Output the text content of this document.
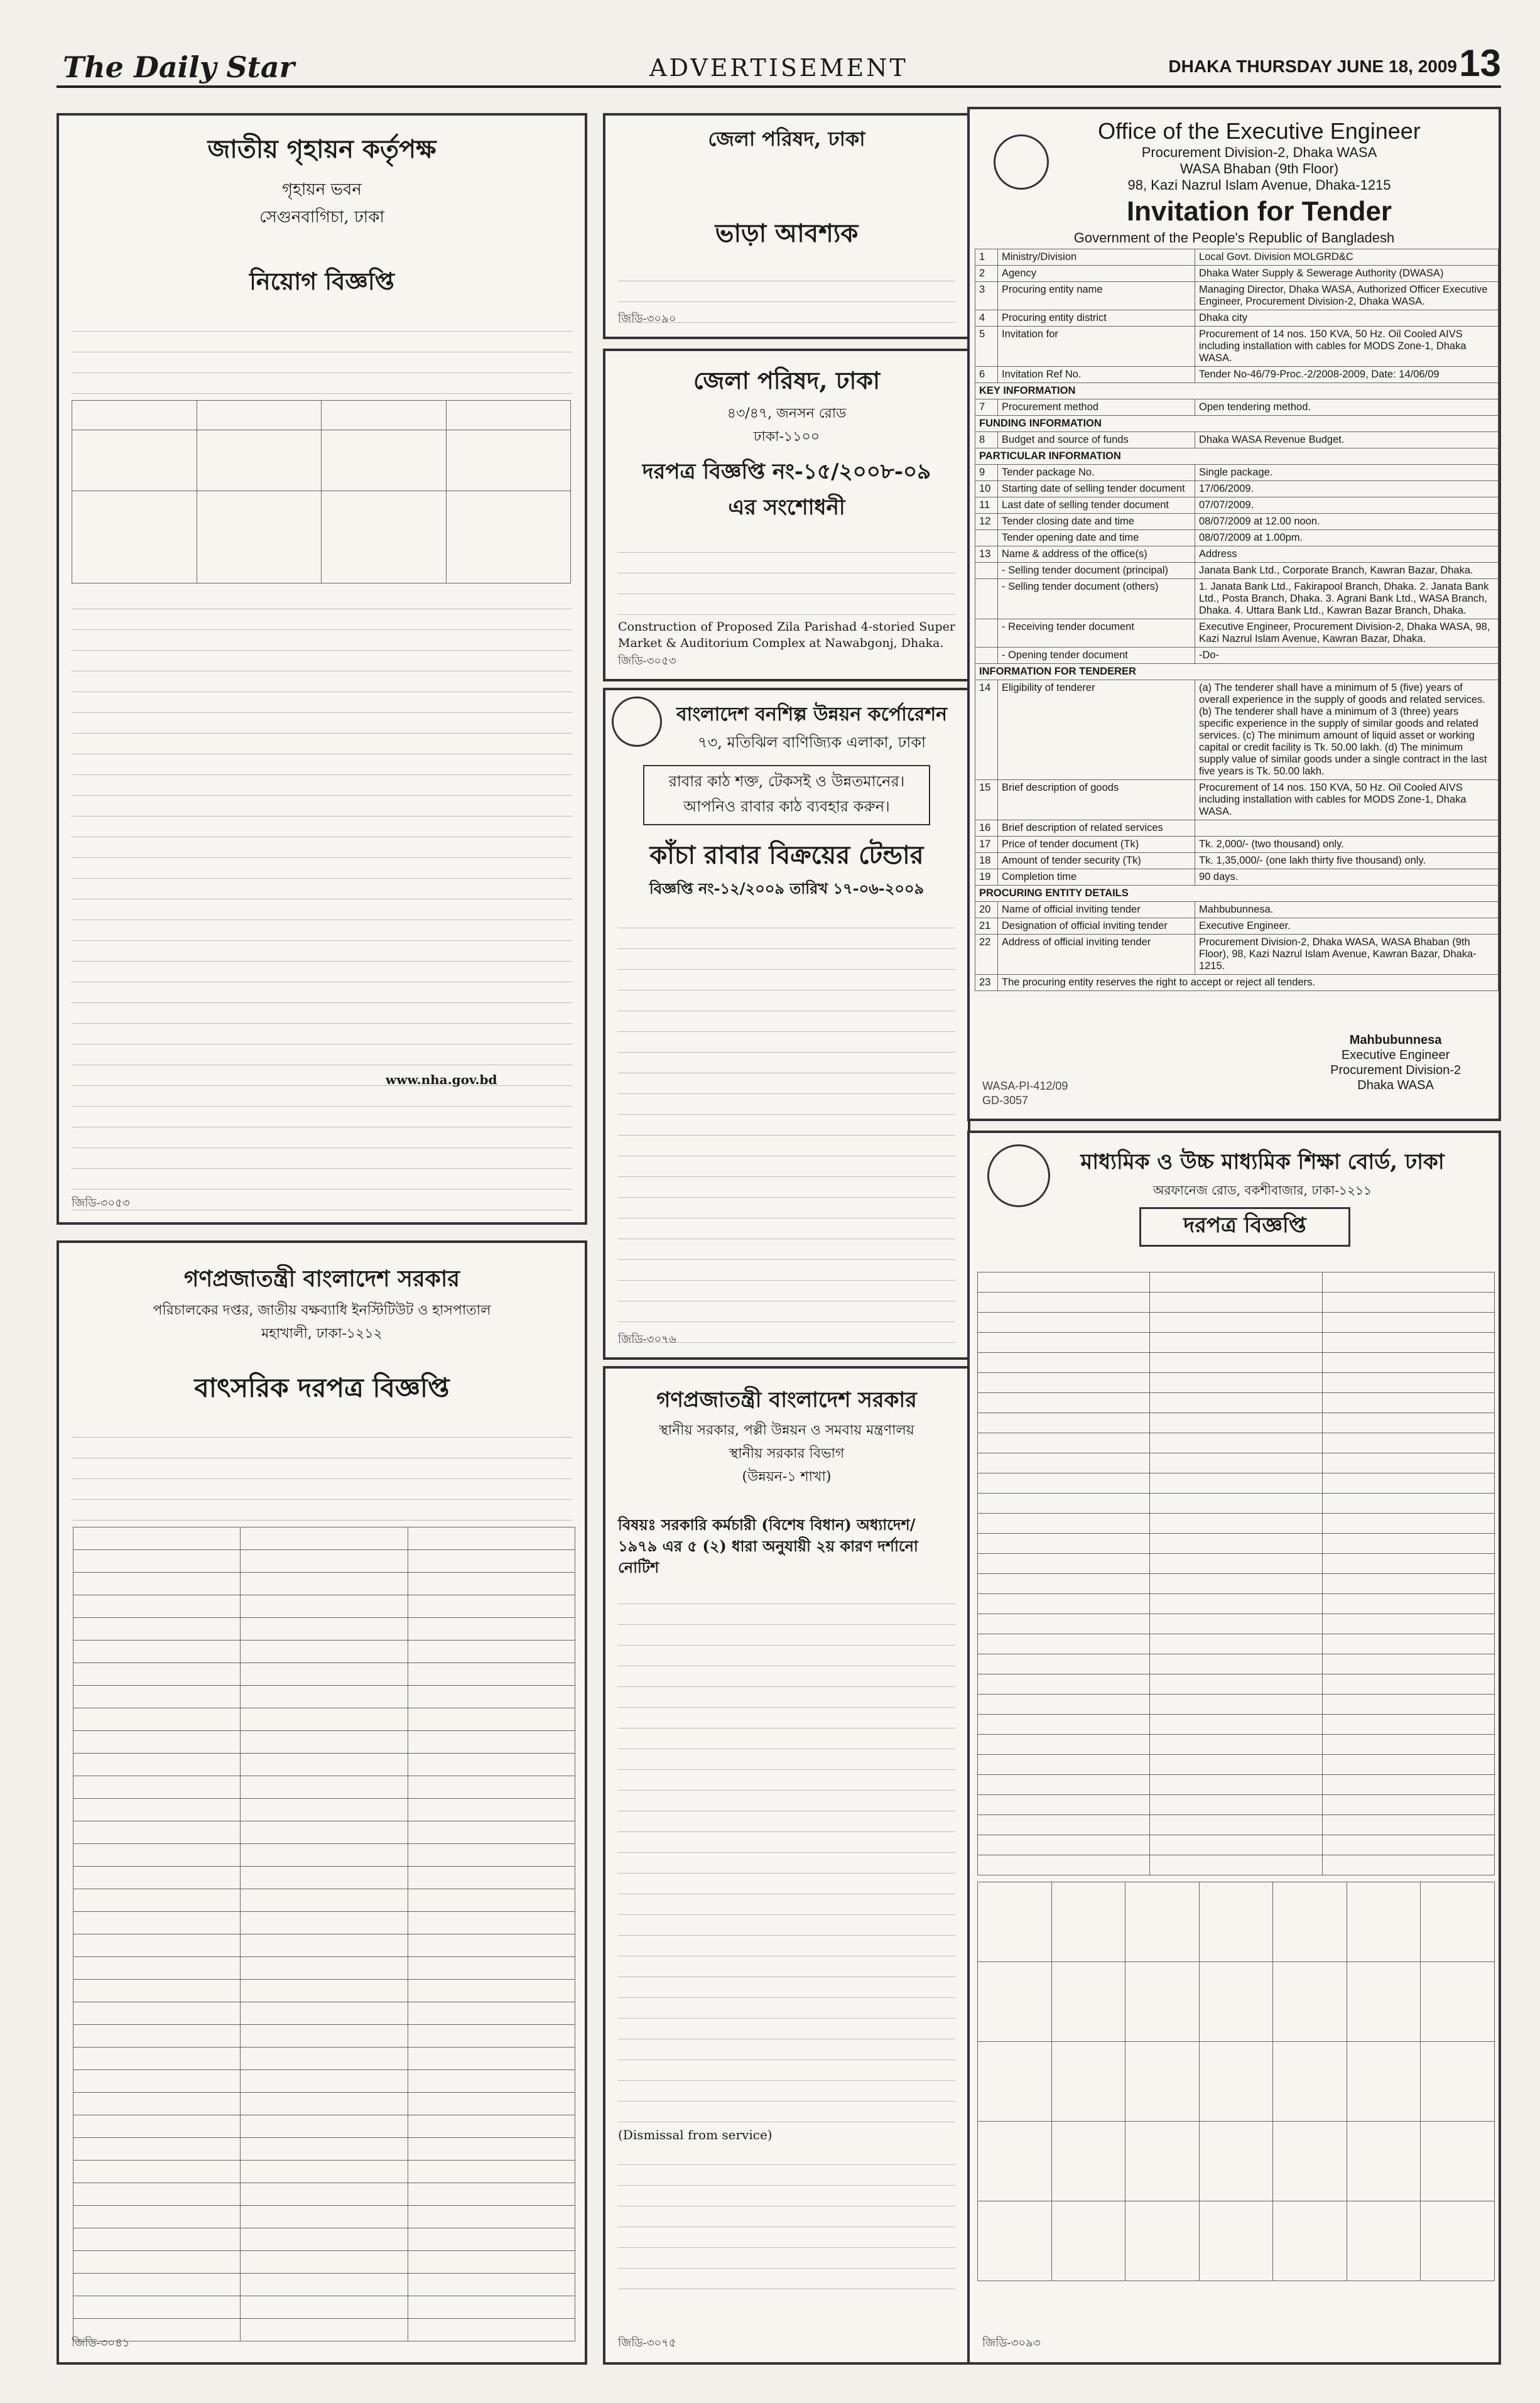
The Daily Star	ADVERTISEMENT	DHAKA THURSDAY JUNE 18, 2009 13
জাতীয় গৃহায়ন কর্তৃপক্ষ
গৃহায়ন ভবন
সেগুনবাগিচা, ঢাকা
নিয়োগ বিজ্ঞপ্তি

www.nha.gov.bd
জিডি-৩০৫৩
জেলা পরিষদ, ঢাকা
ভাড়া আবশ্যক
জিডি-৩০৯০
জেলা পরিষদ, ঢাকা
৪৩/৪৭, জনসন রোড
ঢাকা-১১০০
দরপত্র বিজ্ঞপ্তি নং-১৫/২০০৮-০৯
এর সংশোধনী
Construction of Proposed Zila Parishad 4-storied Super Market & Auditorium Complex at Nawabgonj, Dhaka.
জিডি-৩০৫৩
বাংলাদেশ বনশিল্প উন্নয়ন কর্পোরেশন
৭৩, মতিঝিল বাণিজ্যিক এলাকা, ঢাকা
রাবার কাঠ শক্ত, টেকসই ও উন্নতমানের।
আপনিও রাবার কাঠ ব্যবহার করুন।
কাঁচা রাবার বিক্রয়ের টেন্ডার
বিজ্ঞপ্তি নং-১২/২০০৯ তারিখ ১৭-০৬-২০০৯
জিডি-৩০৭৬
Office of the Executive Engineer
Procurement Division-2, Dhaka WASA
WASA Bhaban (9th Floor)
98, Kazi Nazrul Islam Avenue, Dhaka-1215
Invitation for Tender
Government of the People's Republic of Bangladesh
1	Ministry/Division	Local Govt. Division MOLGRD&C
2	Agency	Dhaka Water Supply & Sewerage Authority (DWASA)
3	Procuring entity name	Managing Director, Dhaka WASA, Authorized Officer Executive Engineer, Procurement Division-2, Dhaka WASA.
4	Procuring entity district	Dhaka city
5	Invitation for	Procurement of 14 nos. 150 KVA, 50 Hz. Oil Cooled AIVS including installation with cables for MODS Zone-1, Dhaka WASA.
6	Invitation Ref No.	Tender No-46/79-Proc.-2/2008-2009, Date: 14/06/09
KEY INFORMATION		
7	Procurement method	Open tendering method.
FUNDING INFORMATION		
8	Budget and source of funds	Dhaka WASA Revenue Budget.
PARTICULAR INFORMATION		
9	Tender package No.	Single package.
10	Starting date of selling tender document	17/06/2009.
11	Last date of selling tender document	07/07/2009.
12	Tender closing date and time	08/07/2009 at 12.00 noon.
	Tender opening date and time	08/07/2009 at 1.00pm.
13	Name & address of the office(s)	Address
	- Selling tender document (principal)	Janata Bank Ltd., Corporate Branch, Kawran Bazar, Dhaka.
	- Selling tender document (others)	1. Janata Bank Ltd., Fakirapool Branch, Dhaka. 2. Janata Bank Ltd., Posta Branch, Dhaka. 3. Agrani Bank Ltd., WASA Branch, Dhaka. 4. Uttara Bank Ltd., Kawran Bazar Branch, Dhaka.
	- Receiving tender document	Executive Engineer, Procurement Division-2, Dhaka WASA, 98, Kazi Nazrul Islam Avenue, Kawran Bazar, Dhaka.
	- Opening tender document	-Do-
INFORMATION FOR TENDERER		
14	Eligibility of tenderer	(a) The tenderer shall have a minimum of 5 (five) years of overall experience in the supply of goods and related services. (b) The tenderer shall have a minimum of 3 (three) years specific experience in the supply of similar goods and related services. (c) The minimum amount of liquid asset or working capital or credit facility is Tk. 50.00 lakh. (d) The minimum supply value of similar goods under a single contract in the last five years is Tk. 50.00 lakh.
15	Brief description of goods	Procurement of 14 nos. 150 KVA, 50 Hz. Oil Cooled AIVS including installation with cables for MODS Zone-1, Dhaka WASA.
16	Brief description of related services	
17	Price of tender document (Tk)	Tk. 2,000/- (two thousand) only.
18	Amount of tender security (Tk)	Tk. 1,35,000/- (one lakh thirty five thousand) only.
19	Completion time	90 days.
PROCURING ENTITY DETAILS		
20	Name of official inviting tender	Mahbubunnesa.
21	Designation of official inviting tender	Executive Engineer.
22	Address of official inviting tender	Procurement Division-2, Dhaka WASA, WASA Bhaban (9th Floor), 98, Kazi Nazrul Islam Avenue, Kawran Bazar, Dhaka-1215.
23	The procuring entity reserves the right to accept or reject all tenders.	
Mahbubunnesa
Executive Engineer
Procurement Division-2
Dhaka WASA
WASA-PI-412/09
GD-3057
গণপ্রজাতন্ত্রী বাংলাদেশ সরকার
পরিচালকের দপ্তর, জাতীয় বক্ষব্যাধি ইনস্টিটিউট ও হাসপাতাল
মহাখালী, ঢাকা-১২১২
বাৎসরিক দরপত্র বিজ্ঞপ্তি

জিডি-৩০৪১
গণপ্রজাতন্ত্রী বাংলাদেশ সরকার
স্থানীয় সরকার, পল্লী উন্নয়ন ও সমবায় মন্ত্রণালয়
স্থানীয় সরকার বিভাগ
(উন্নয়ন-১ শাখা)
বিষয়ঃ সরকারি কর্মচারী (বিশেষ বিধান) অধ্যাদেশ/ ১৯৭৯ এর ৫ (২) ধারা অনুযায়ী ২য় কারণ দর্শানো নোটিশ
(Dismissal from service)
জিডি-৩০৭৫
মাধ্যমিক ও উচ্চ মাধ্যমিক শিক্ষা বোর্ড, ঢাকা
অরফানেজ রোড, বকশীবাজার, ঢাকা-১২১১
দরপত্র বিজ্ঞপ্তি

জিডি-৩০৯৩
